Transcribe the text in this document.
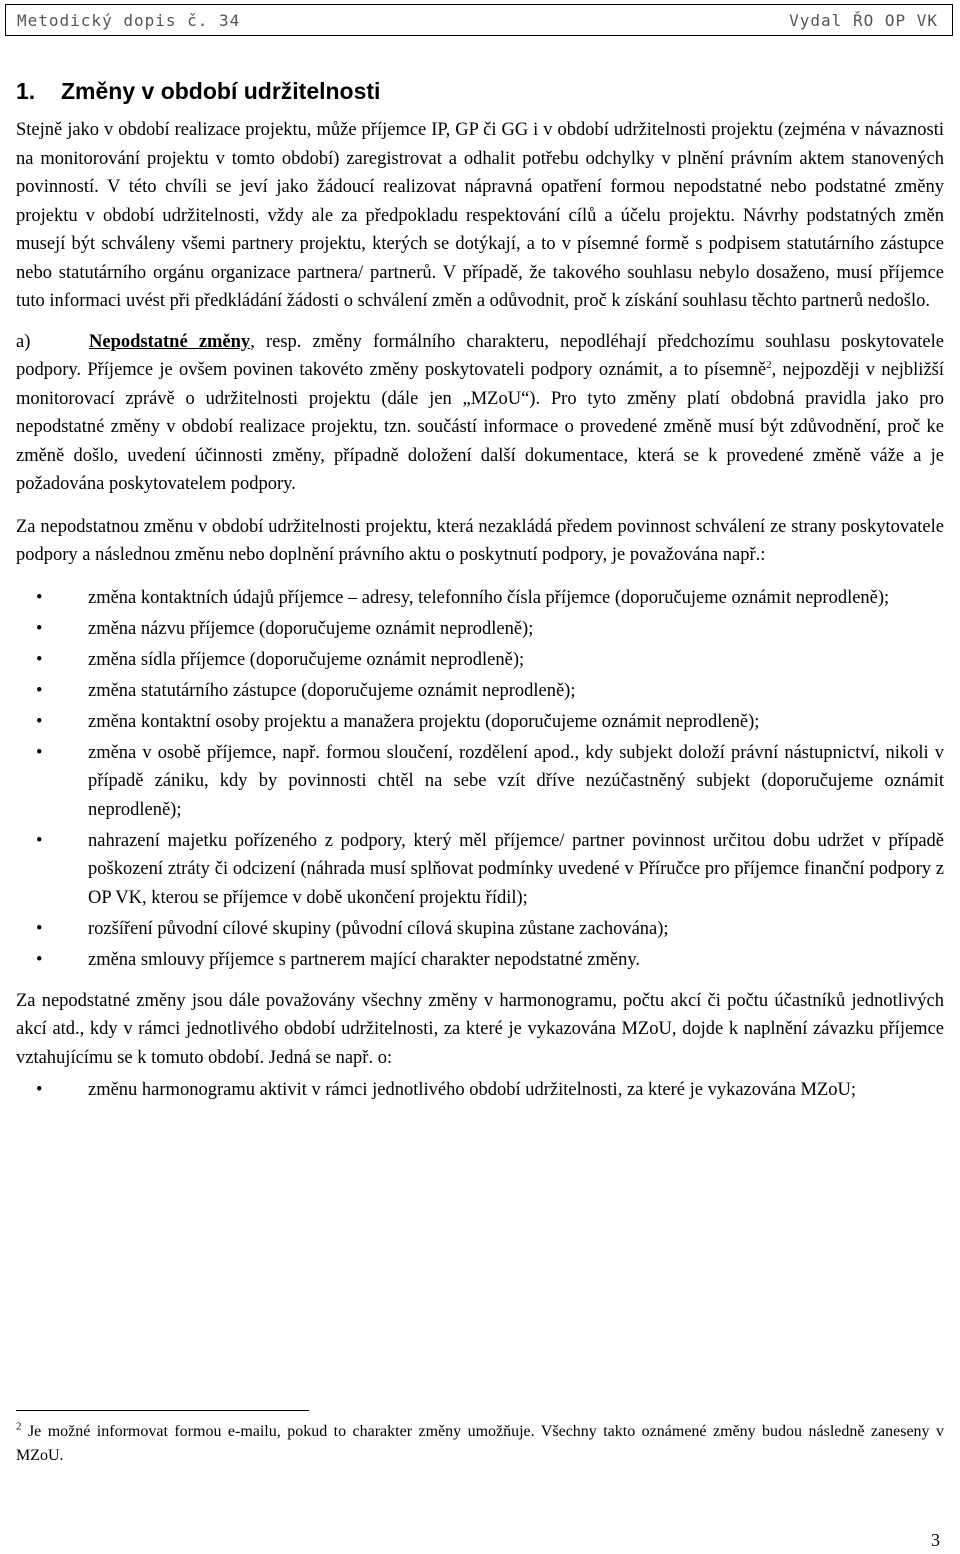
Metodický dopis č. 34	Vydal ŘO OP VK
1. Změny v období udržitelnosti

Stejně jako v období realizace projektu, může příjemce IP, GP či GG i v období udržitelnosti projektu (zejména v návaznosti na monitorování projektu v tomto období) zaregistrovat a odhalit potřebu odchylky v plnění právním aktem stanovených povinností. V této chvíli se jeví jako žádoucí realizovat nápravná opatření formou nepodstatné nebo podstatné změny projektu v období udržitelnosti, vždy ale za předpokladu respektování cílů a účelu projektu. Návrhy podstatných změn musejí být schváleny všemi partnery projektu, kterých se dotýkají, a to v písemné formě s podpisem statutárního zástupce nebo statutárního orgánu organizace partnera/ partnerů. V případě, že takového souhlasu nebylo dosaženo, musí příjemce tuto informaci uvést při předkládání žádosti o schválení změn a odůvodnit, proč k získání souhlasu těchto partnerů nedošlo.

a)	Nepodstatné změny, resp. změny formálního charakteru, nepodléhají předchozímu souhlasu poskytovatele podpory. Příjemce je ovšem povinen takovéto změny poskytovateli podpory oznámit, a to písemně$^2$, nejpozději v nejbližší monitorovací zprávě o udržitelnosti projektu (dále jen „MZoU“). Pro tyto změny platí obdobná pravidla jako pro nepodstatné změny v období realizace projektu, tzn. součástí informace o provedené změně musí být zdůvodnění, proč ke změně došlo, uvedení účinnosti změny, případně doložení další dokumentace, která se k provedené změně váže a je požadována poskytovatelem podpory.

Za nepodstatnou změnu v období udržitelnosti projektu, která nezakládá předem povinnost schválení ze strany poskytovatele podpory a následnou změnu nebo doplnění právního aktu o poskytnutí podpory, je považována např.:

• změna kontaktních údajů příjemce – adresy, telefonního čísla příjemce (doporučujeme oznámit neprodleně);
• změna názvu příjemce (doporučujeme oznámit neprodleně);
• změna sídla příjemce (doporučujeme oznámit neprodleně);
• změna statutárního zástupce (doporučujeme oznámit neprodleně);
• změna kontaktní osoby projektu a manažera projektu (doporučujeme oznámit neprodleně);
• změna v osobě příjemce, např. formou sloučení, rozdělení apod., kdy subjekt doloží právní nástupnictví, nikoli v případě zániku, kdy by povinnosti chtěl na sebe vzít dříve nezúčastněný subjekt (doporučujeme oznámit neprodleně);
• nahrazení majetku pořízeného z podpory, který měl příjemce/ partner povinnost určitou dobu udržet v případě poškození ztráty či odcizení (náhrada musí splňovat podmínky uvedené v Příručce pro příjemce finanční podpory z OP VK, kterou se příjemce v době ukončení projektu řídil);
• rozšíření původní cílové skupiny (původní cílová skupina zůstane zachována);
• změna smlouvy příjemce s partnerem mající charakter nepodstatné změny.

Za nepodstatné změny jsou dále považovány všechny změny v harmonogramu, počtu akcí či počtu účastníků jednotlivých akcí atd., kdy v rámci jednotlivého období udržitelnosti, za které je vykazována MZoU, dojde k naplnění závazku příjemce vztahujícímu se k tomuto období. Jedná se např. o:

• změnu harmonogramu aktivit v rámci jednotlivého období udržitelnosti, za které je vykazována MZoU;
$^2$ Je možné informovat formou e-mailu, pokud to charakter změny umožňuje. Všechny takto oznámené změny budou následně zaneseny v MZoU.
3
